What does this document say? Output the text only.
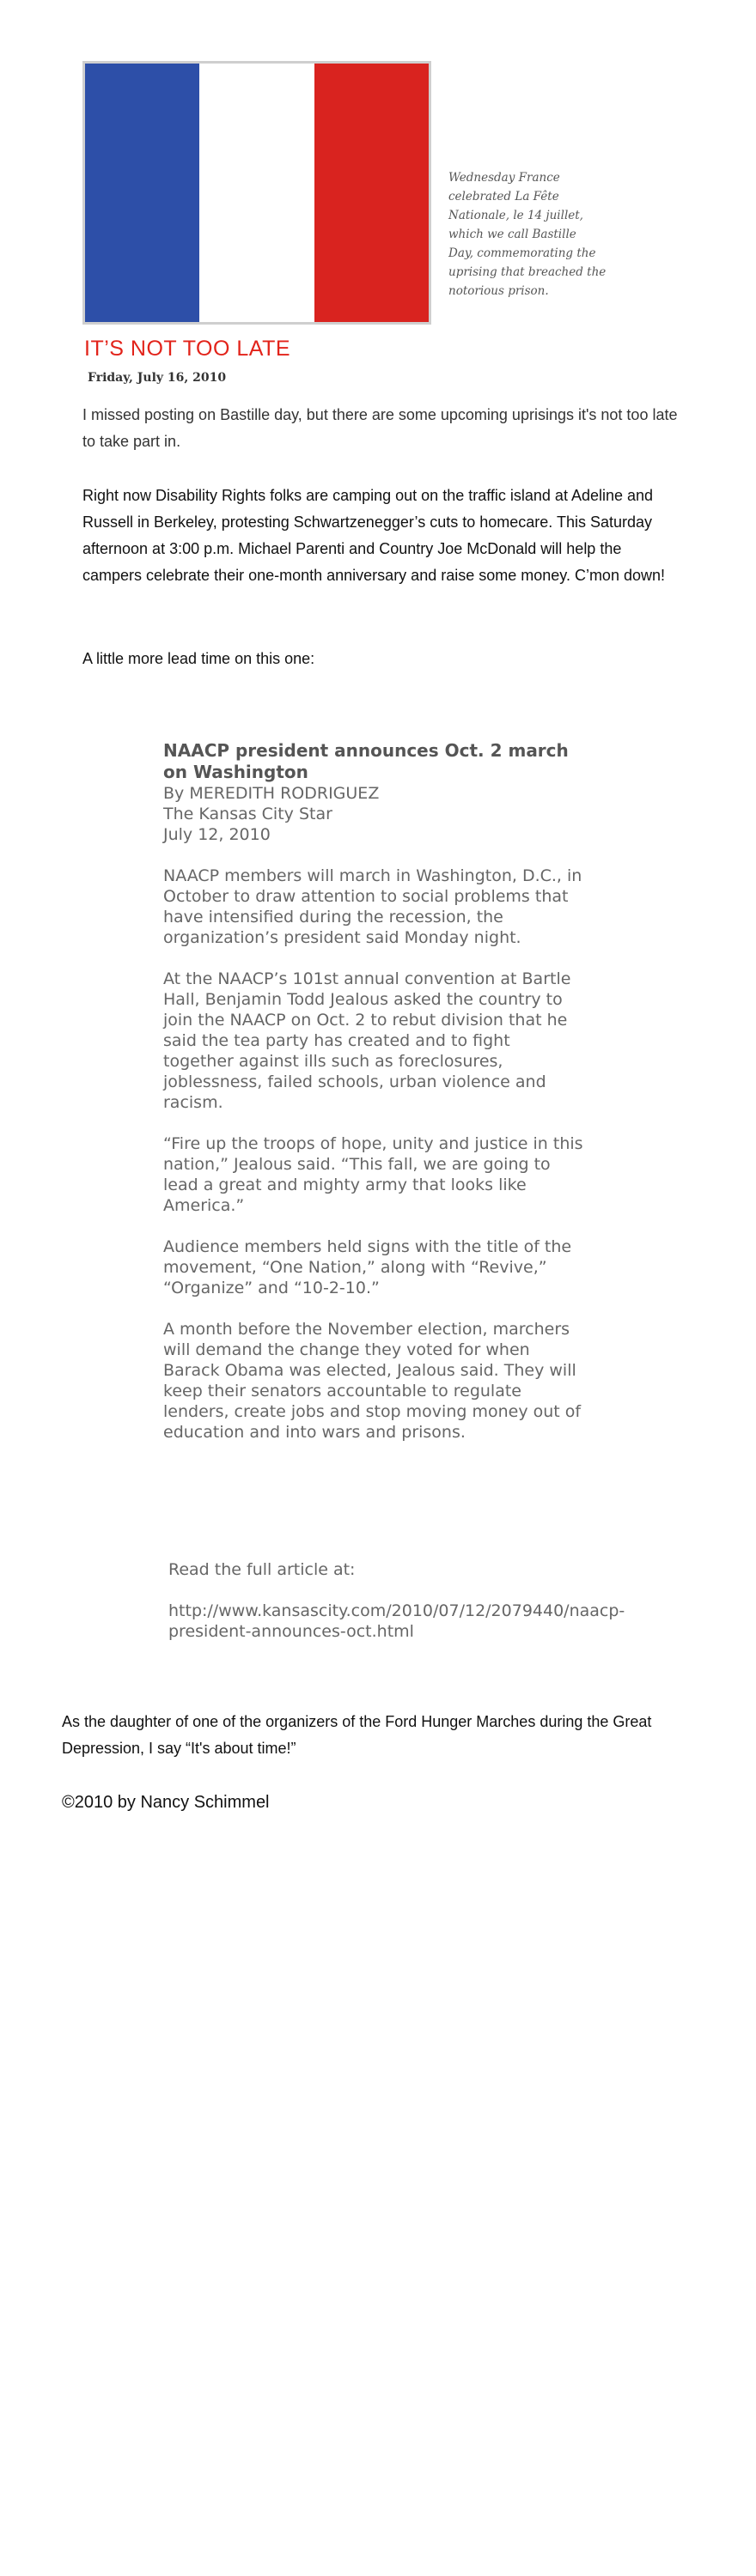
Wednesday France
celebrated La Fête
Nationale, le 14 juillet,
which we call Bastille
Day, commemorating the
uprising that breached the
notorious prison.
IT’S NOT TOO LATE
Friday, July 16, 2010
I missed posting on Bastille day, but there are some upcoming uprisings it's not too late to take part in.
Right now Disability Rights folks are camping out on the traffic island at Adeline and Russell in Berkeley, protesting Schwartzenegger’s cuts to homecare. This Saturday afternoon at 3:00 p.m. Michael Parenti and Country Joe McDonald will help the campers celebrate their one-month anniversary and raise some money. C’mon down!
A little more lead time on this one:
NAACP president announces Oct. 2 march on Washington
By MEREDITH RODRIGUEZ
The Kansas City Star
July 12, 2010

NAACP members will march in Washington, D.C., in October to draw attention to social problems that have intensified during the recession, the organization’s president said Monday night.

At the NAACP’s 101st annual convention at Bartle Hall, Benjamin Todd Jealous asked the country to join the NAACP on Oct. 2 to rebut division that he said the tea party has created and to fight together against ills such as foreclosures, joblessness, failed schools, urban violence and racism.

“Fire up the troops of hope, unity and justice in this nation,” Jealous said. “This fall, we are going to lead a great and mighty army that looks like America.”

Audience members held signs with the title of the movement, “One Nation,” along with “Revive,” “Organize” and “10-2-10.”

A month before the November election, marchers will demand the change they voted for when Barack Obama was elected, Jealous said. They will keep their senators accountable to regulate lenders, create jobs and stop moving money out of education and into wars and prisons.

Read the full article at:
http://www.kansascity.com/2010/07/12/2079440/naacp-president-announces-oct.html
As the daughter of one of the organizers of the Ford Hunger Marches during the Great Depression, I say “It's about time!”
©2010 by Nancy Schimmel
